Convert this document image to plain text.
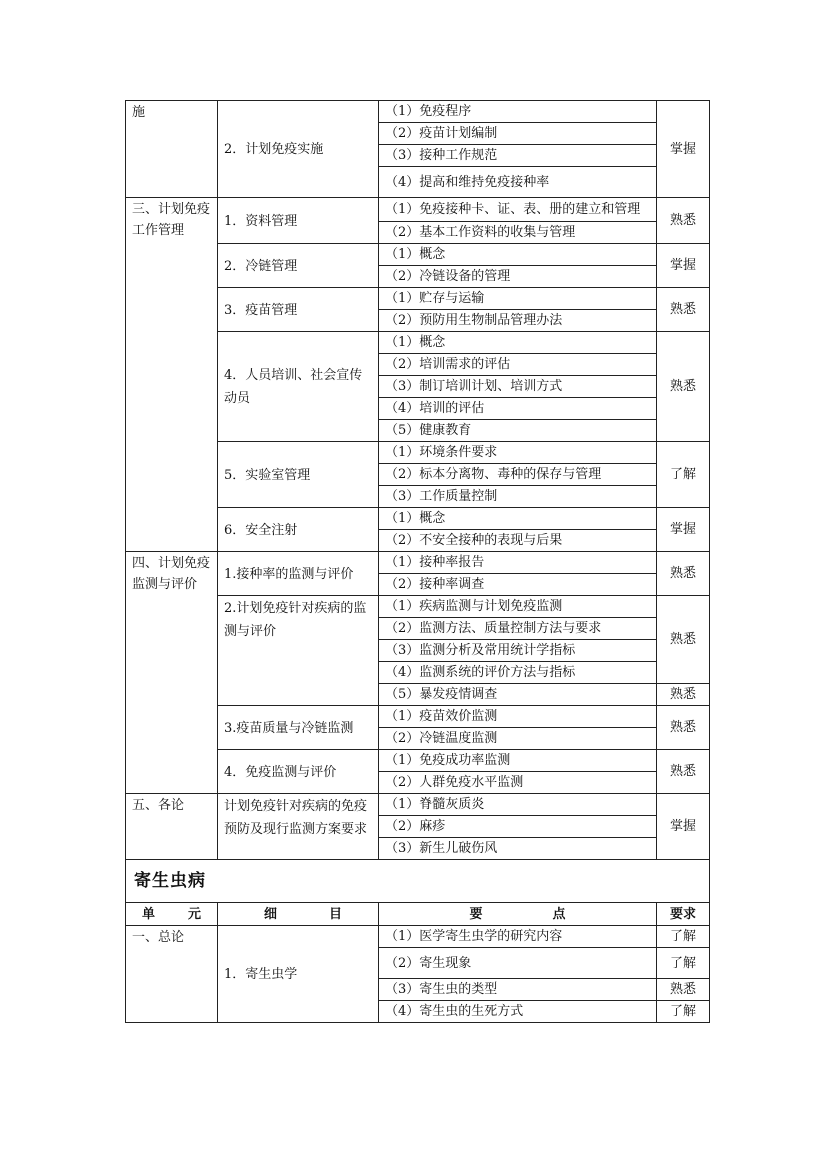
施	2．计划免疫实施	（1）免疫程序	掌握
		（2）疫苗计划编制	
		（3）接种工作规范	
		（4）提高和维持免疫接种率	
三、计划免疫工作管理	1．资料管理	（1）免疫接种卡、证、表、册的建立和管理	熟悉
		（2）基本工作资料的收集与管理	
	2．冷链管理	（1）概念	掌握
		（2）冷链设备的管理	
	3．疫苗管理	（1）贮存与运输	熟悉
		（2）预防用生物制品管理办法	
	4．人员培训、社会宣传动员	（1）概念	熟悉
		（2）培训需求的评估	
		（3）制订培训计划、培训方式	
		（4）培训的评估	
		（5）健康教育	
	5．实验室管理	（1）环境条件要求	了解
		（2）标本分离物、毒种的保存与管理	
		（3）工作质量控制	
	6．安全注射	（1）概念	掌握
		（2）不安全接种的表现与后果	
四、计划免疫监测与评价	1.接种率的监测与评价	（1）接种率报告	熟悉
		（2）接种率调查	
	2.计划免疫针对疾病的监测与评价	（1）疾病监测与计划免疫监测	熟悉
		（2）监测方法、质量控制方法与要求	
		（3）监测分析及常用统计学指标	
		（4）监测系统的评价方法与指标	
		（5）暴发疫情调查	熟悉
	3.疫苗质量与冷链监测	（1）疫苗效价监测	熟悉
		（2）冷链温度监测	
	4．免疫监测与评价	（1）免疫成功率监测	熟悉
		（2）人群免疫水平监测	
五、各论	计划免疫针对疾病的免疫预防及现行监测方案要求	（1）脊髓灰质炎	掌握
		（2）麻疹	
		（3）新生儿破伤风	
寄生虫病			

单 元	细 目	要 点	要求
一、总论	1．寄生虫学	（1）医学寄生虫学的研究内容	了解
		（2）寄生现象	了解
		（3）寄生虫的类型	熟悉
		（4）寄生虫的生死方式	了解
